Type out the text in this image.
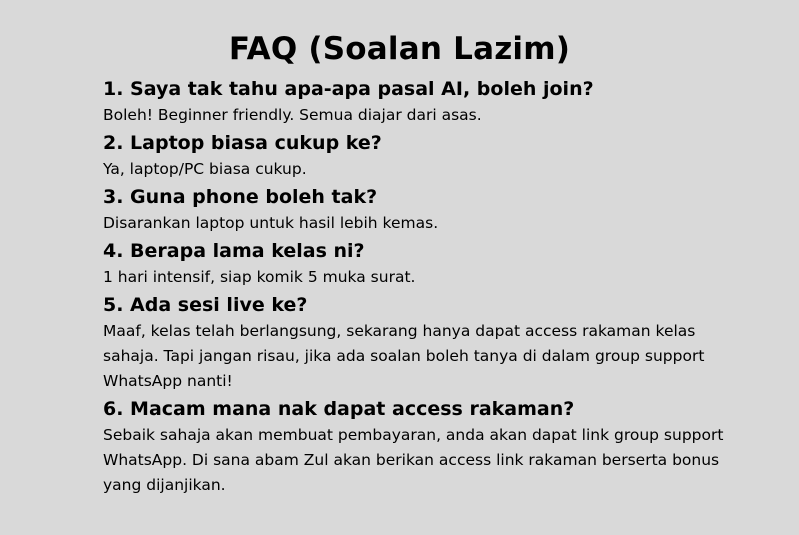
FAQ (Soalan Lazim)
1. Saya tak tahu apa-apa pasal AI, boleh join?
Boleh! Beginner friendly. Semua diajar dari asas.
2. Laptop biasa cukup ke?
Ya, laptop/PC biasa cukup.
3. Guna phone boleh tak?
Disarankan laptop untuk hasil lebih kemas.
4. Berapa lama kelas ni?
1 hari intensif, siap komik 5 muka surat.
5. Ada sesi live ke?
Maaf, kelas telah berlangsung, sekarang hanya dapat access rakaman kelas sahaja. Tapi jangan risau, jika ada soalan boleh tanya di dalam group support WhatsApp nanti!
6. Macam mana nak dapat access rakaman?
Sebaik sahaja akan membuat pembayaran, anda akan dapat link group support WhatsApp. Di sana abam Zul akan berikan access link rakaman berserta bonus yang dijanjikan.
